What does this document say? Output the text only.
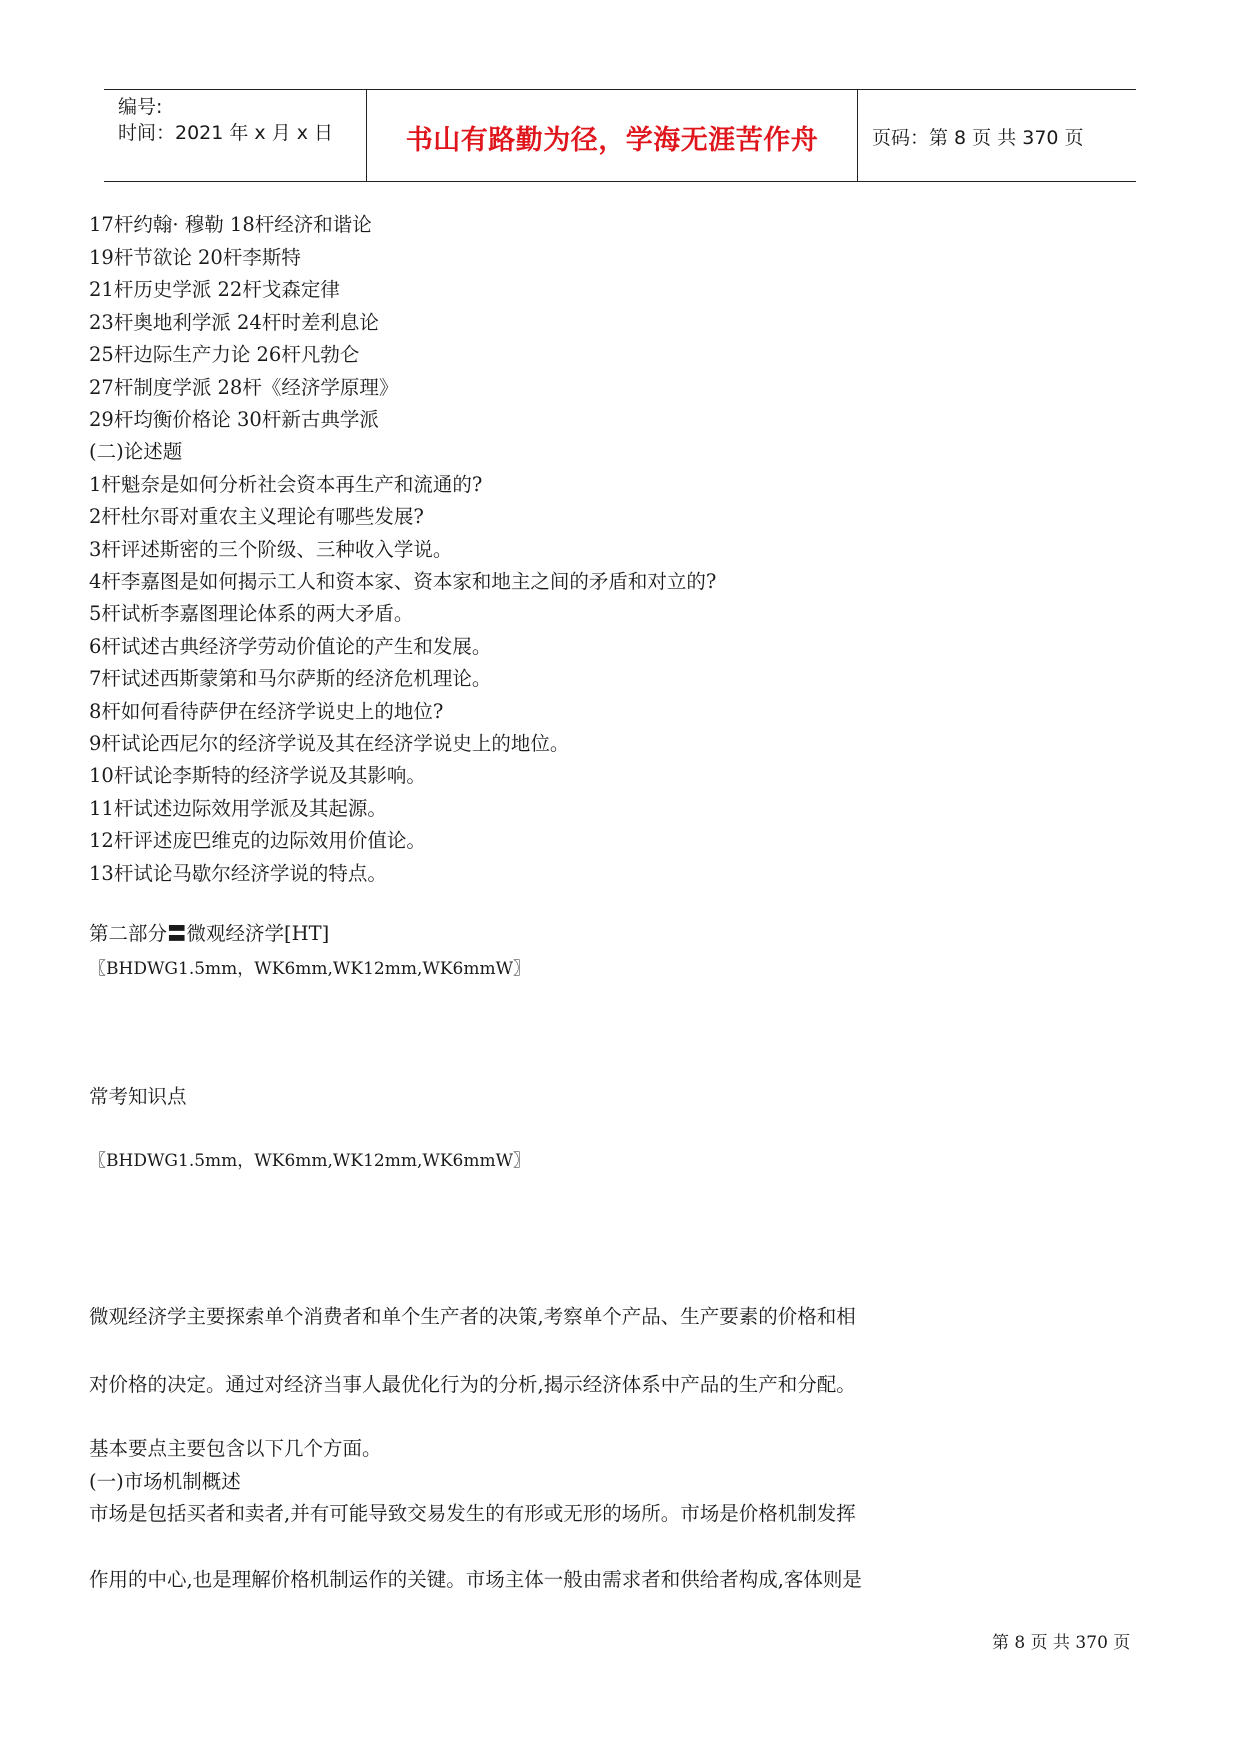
编号:
时间：2021 年 x 月 x 日	书山有路勤为径，学海无涯苦作舟	页码：第 8 页 共 370 页
17杆约翰· 穆勒 18杆经济和谐论
19杆节欲论 20杆李斯特
21杆历史学派 22杆戈森定律
23杆奥地利学派 24杆时差利息论
25杆边际生产力论 26杆凡勃仑
27杆制度学派 28杆《经济学原理》
29杆均衡价格论 30杆新古典学派
(二)论述题
1杆魁奈是如何分析社会资本再生产和流通的?
2杆杜尔哥对重农主义理论有哪些发展?
3杆评述斯密的三个阶级、三种收入学说。
4杆李嘉图是如何揭示工人和资本家、资本家和地主之间的矛盾和对立的?
5杆试析李嘉图理论体系的两大矛盾。
6杆试述古典经济学劳动价值论的产生和发展。
7杆试述西斯蒙第和马尔萨斯的经济危机理论。
8杆如何看待萨伊在经济学说史上的地位?
9杆试论西尼尔的经济学说及其在经济学说史上的地位。
10杆试论李斯特的经济学说及其影响。
11杆试述边际效用学派及其起源。
12杆评述庞巴维克的边际效用价值论。
13杆试论马歇尔经济学说的特点。
第二部分〓微观经济学[HT]
〖BHDWG1.5mm，WK6mm,WK12mm,WK6mmW〗
常考知识点
〖BHDWG1.5mm，WK6mm,WK12mm,WK6mmW〗
微观经济学主要探索单个消费者和单个生产者的决策,考察单个产品、生产要素的价格和相
对价格的决定。通过对经济当事人最优化行为的分析,揭示经济体系中产品的生产和分配。
基本要点主要包含以下几个方面。
(一)市场机制概述
市场是包括买者和卖者,并有可能导致交易发生的有形或无形的场所。市场是价格机制发挥
作用的中心,也是理解价格机制运作的关键。市场主体一般由需求者和供给者构成,客体则是
第 8 页 共 370 页
